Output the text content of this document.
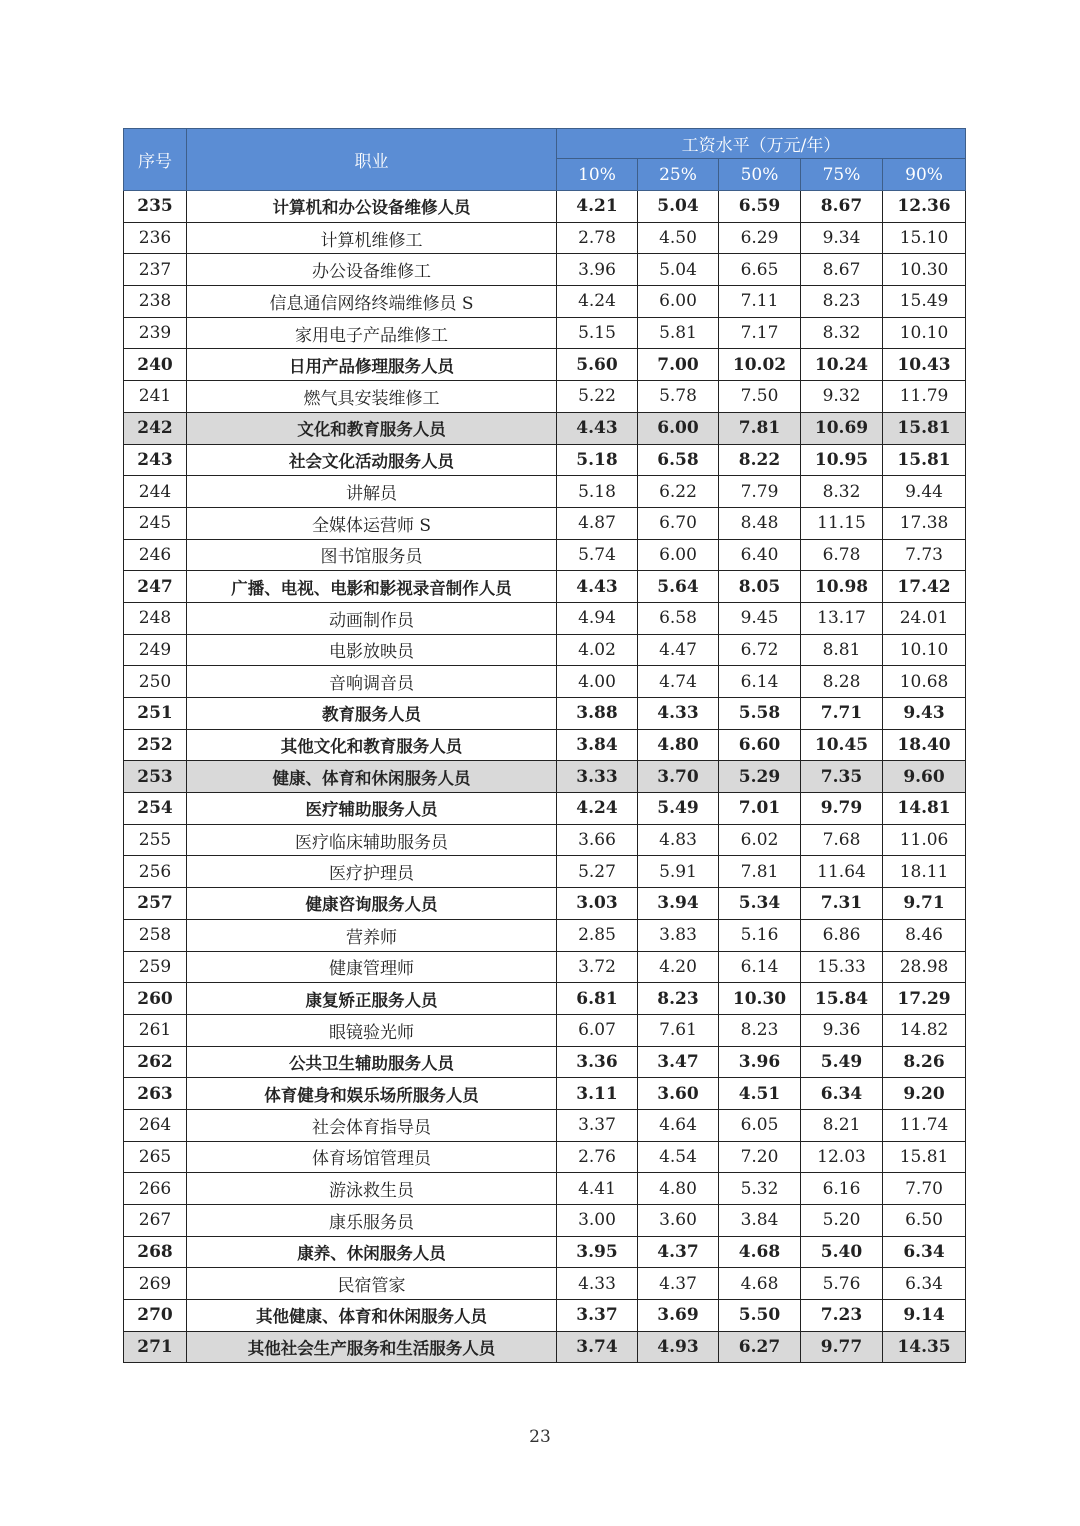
序号	职业	工资水平（万元/年）				
		10%	25%	50%	75%	90%
235	计算机和办公设备维修人员	4.21	5.04	6.59	8.67	12.36
236	计算机维修工	2.78	4.50	6.29	9.34	15.10
237	办公设备维修工	3.96	5.04	6.65	8.67	10.30
238	信息通信网络终端维修员 S	4.24	6.00	7.11	8.23	15.49
239	家用电子产品维修工	5.15	5.81	7.17	8.32	10.10
240	日用产品修理服务人员	5.60	7.00	10.02	10.24	10.43
241	燃气具安装维修工	5.22	5.78	7.50	9.32	11.79
242	文化和教育服务人员	4.43	6.00	7.81	10.69	15.81
243	社会文化活动服务人员	5.18	6.58	8.22	10.95	15.81
244	讲解员	5.18	6.22	7.79	8.32	9.44
245	全媒体运营师 S	4.87	6.70	8.48	11.15	17.38
246	图书馆服务员	5.74	6.00	6.40	6.78	7.73
247	广播、电视、电影和影视录音制作人员	4.43	5.64	8.05	10.98	17.42
248	动画制作员	4.94	6.58	9.45	13.17	24.01
249	电影放映员	4.02	4.47	6.72	8.81	10.10
250	音响调音员	4.00	4.74	6.14	8.28	10.68
251	教育服务人员	3.88	4.33	5.58	7.71	9.43
252	其他文化和教育服务人员	3.84	4.80	6.60	10.45	18.40
253	健康、体育和休闲服务人员	3.33	3.70	5.29	7.35	9.60
254	医疗辅助服务人员	4.24	5.49	7.01	9.79	14.81
255	医疗临床辅助服务员	3.66	4.83	6.02	7.68	11.06
256	医疗护理员	5.27	5.91	7.81	11.64	18.11
257	健康咨询服务人员	3.03	3.94	5.34	7.31	9.71
258	营养师	2.85	3.83	5.16	6.86	8.46
259	健康管理师	3.72	4.20	6.14	15.33	28.98
260	康复矫正服务人员	6.81	8.23	10.30	15.84	17.29
261	眼镜验光师	6.07	7.61	8.23	9.36	14.82
262	公共卫生辅助服务人员	3.36	3.47	3.96	5.49	8.26
263	体育健身和娱乐场所服务人员	3.11	3.60	4.51	6.34	9.20
264	社会体育指导员	3.37	4.64	6.05	8.21	11.74
265	体育场馆管理员	2.76	4.54	7.20	12.03	15.81
266	游泳救生员	4.41	4.80	5.32	6.16	7.70
267	康乐服务员	3.00	3.60	3.84	5.20	6.50
268	康养、休闲服务人员	3.95	4.37	4.68	5.40	6.34
269	民宿管家	4.33	4.37	4.68	5.76	6.34
270	其他健康、体育和休闲服务人员	3.37	3.69	5.50	7.23	9.14
271	其他社会生产服务和生活服务人员	3.74	4.93	6.27	9.77	14.35
23
